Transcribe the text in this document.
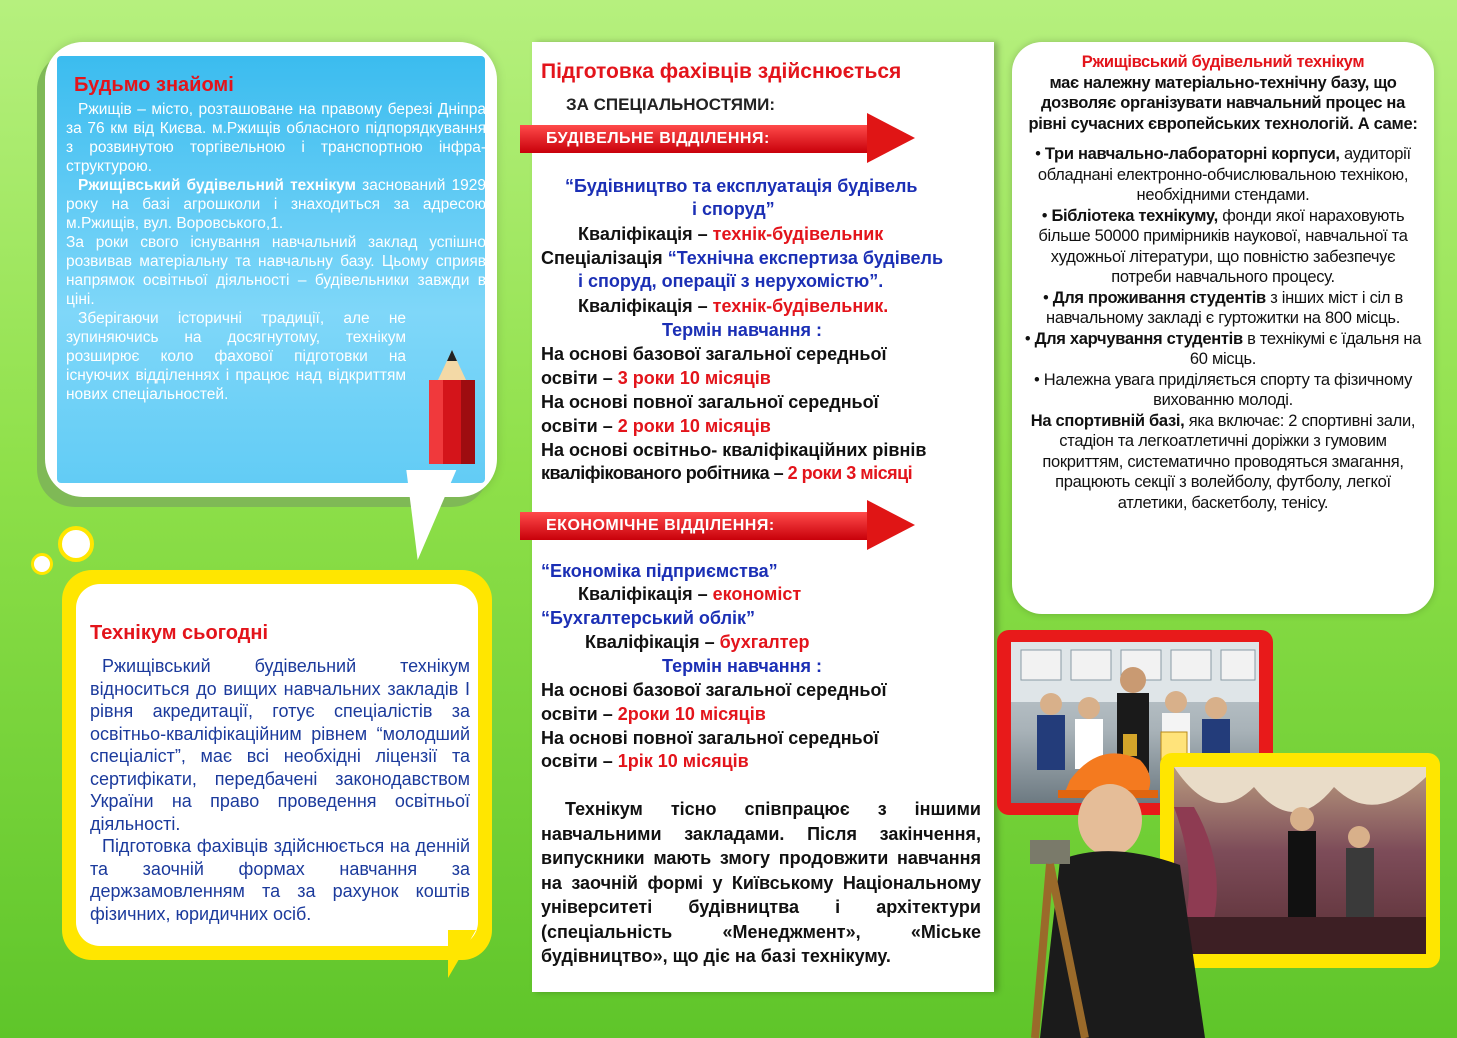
Будьмо знайомі
Ржищів – місто, розташоване на правому березі Дніпра за 76 км від Києва. м.Ржищів обласного підпорядкування з розвинутою торгівельною і транспортною інфра-структурою.
Ржищівський будівельний технікум заснований 1929 року на базі агрошколи і знаходиться за адресою м.Ржищів, вул. Воровського,1.
За роки свого існування навчальний заклад успішно розвивав матеріальну та навчальну базу. Цьому сприяв напрямок освітньої діяльності – будівельники завжди в ціні.
Зберігаючи історичні традиції, але не зупиняючись на досягнутому, технікум розширює коло фахової підготовки на існуючих відділеннях і працює над відкриттям нових спеціальностей.
Технікум сьогодні
Ржищівський будівельний технікум відноситься до вищих навчальних закладів І рівня акредитації, готує спеціалістів за освітньо-кваліфікаційним рівнем “молодший спеціаліст”, має всі необхідні ліцензії та сертифікати, передбачені законодавством України на право проведення освітньої діяльності.
Підготовка фахівців здійснюється на денній та заочній формах навчання за держзамовленням та за рахунок коштів фізичних, юридичних осіб.
Підготовка фахівців здійснюється
ЗА СПЕЦІАЛЬНОСТЯМИ:
БУДІВЕЛЬНЕ ВІДДІЛЕННЯ:
“Будівництво та експлуатація будівель
і споруд”
Кваліфікація – технік-будівельник
Спеціалізація “Технічна експертиза будівель
і споруд, операції з нерухомістю”.
Кваліфікація – технік-будівельник.
Термін навчання :
На основі базової загальної середньої
освіти – 3 роки 10 місяців
На основі повної загальної середньої
освіти – 2 роки 10 місяців
На основі освітньо- кваліфікаційних рівнів
кваліфікованого робітника – 2 роки 3 місяці
ЕКОНОМІЧНЕ ВІДДІЛЕННЯ:
“Економіка підприємства”
Кваліфікація – економіст
“Бухгалтерський облік”
Кваліфікація – бухгалтер
Термін навчання :
На основі базової загальної середньої
освіти – 2роки 10 місяців
На основі повної загальної середньої
освіти – 1рік 10 місяців
Технікум тісно співпрацює з іншими навчальними закладами. Після закінчення, випускники мають змогу продовжити навчання на заочній формі у Київському Національному університеті будівництва і архітектури (спеціальність «Менеджмент», «Міське будівництво», що діє на базі технікуму.
Ржищівський будівельний технікум
має належну матеріально-технічну базу, що дозволяє організувати навчальний процес на рівні сучасних європейських технологій. А саме:
• Три навчально-лабораторні корпуси, аудиторії обладнані електронно-обчислювальною технікою, необхідними стендами.
• Бібліотека технікуму, фонди якої нараховують більше 50000 примірників наукової, навчальної та художньої літератури, що повністю забезпечує потреби навчального процесу.
• Для проживання студентів з інших міст і сіл в навчальному закладі є гуртожитки на 800 місць.
• Для харчування студентів в технікумі є їдальня на 60 місць.
• Належна увага приділяється спорту та фізичному вихованню молоді.
На спортивній базі, яка включає: 2 спортивні зали, стадіон та легкоатлетичні доріжки з гумовим покриттям, систематично проводяться змагання, працюють секції з волейболу, футболу, легкої атлетики, баскетболу, тенісу.
